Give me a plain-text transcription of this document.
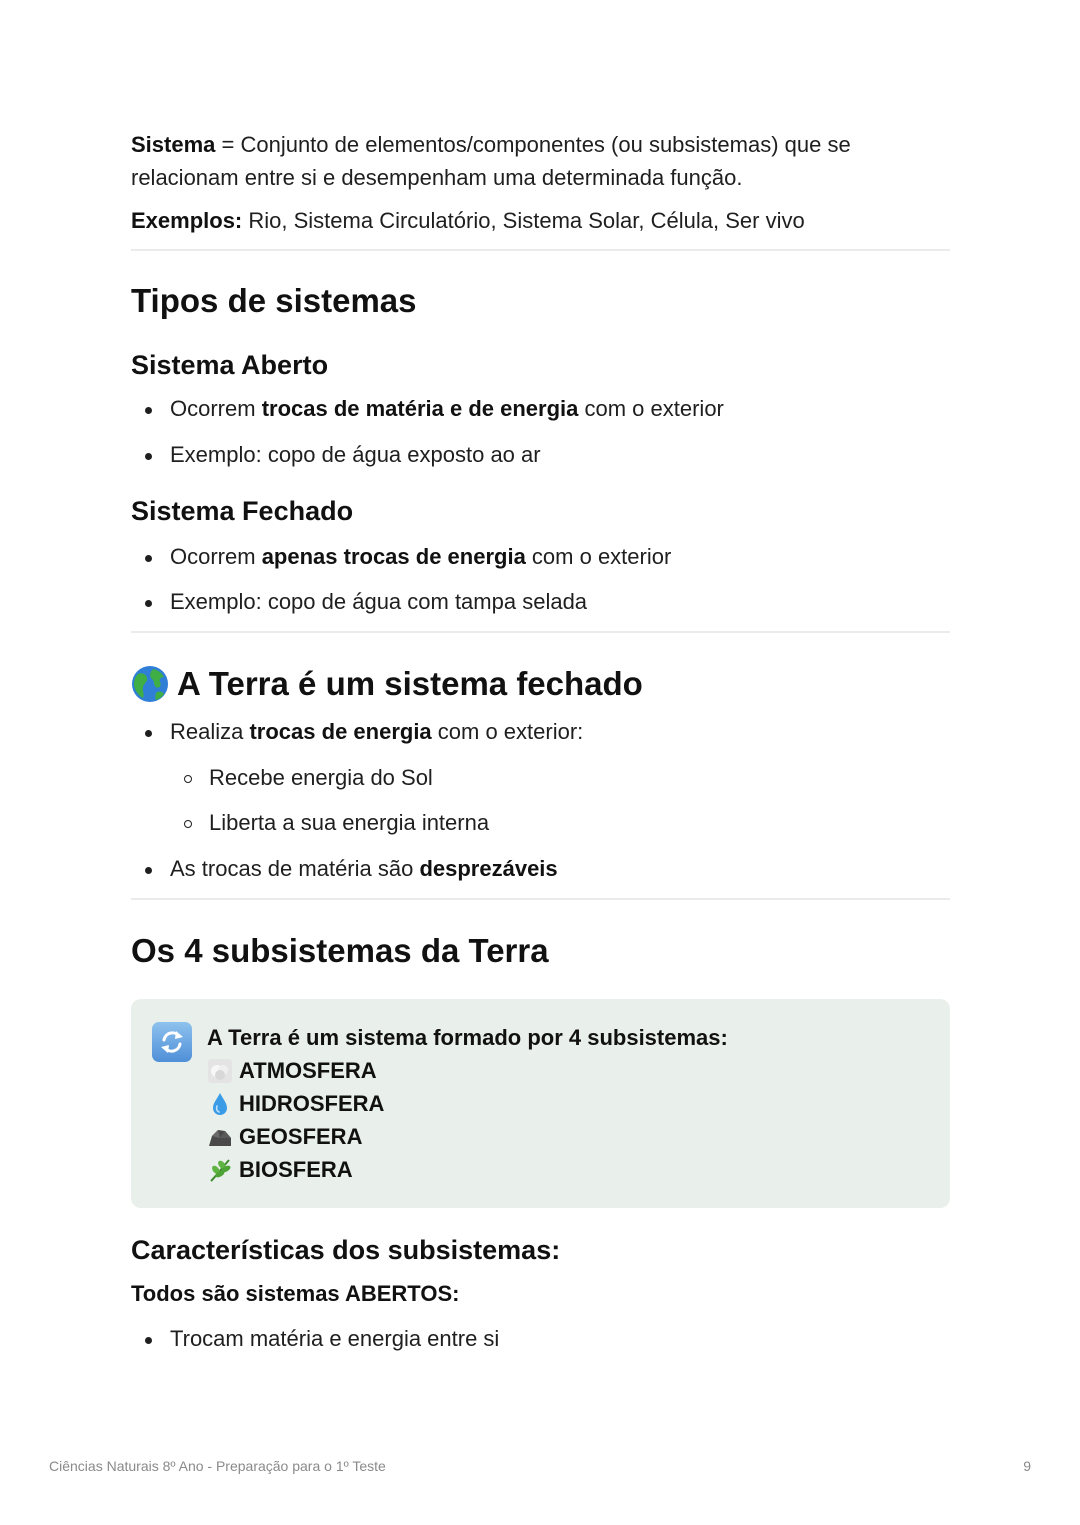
Sistema = Conjunto de elementos/componentes (ou subsistemas) que se relacionam entre si e desempenham uma determinada função.

Exemplos: Rio, Sistema Circulatório, Sistema Solar, Célula, Ser vivo

Tipos de sistemas
Sistema Aberto
Ocorrem trocas de matéria e de energia com o exterior
Exemplo: copo de água exposto ao ar
Sistema Fechado
Ocorrem apenas trocas de energia com o exterior
Exemplo: copo de água com tampa selada
A Terra é um sistema fechado
Realiza trocas de energia com o exterior:
Recebe energia do Sol
Liberta a sua energia interna
As trocas de matéria são desprezáveis
Os 4 subsistemas da Terra
A Terra é um sistema formado por 4 subsistemas:
ATMOSFERA
HIDROSFERA
GEOSFERA
BIOSFERA
Características dos subsistemas:
Todos são sistemas ABERTOS:
Trocam matéria e energia entre si
Ciências Naturais 8º Ano - Preparação para o 1º Teste	9
